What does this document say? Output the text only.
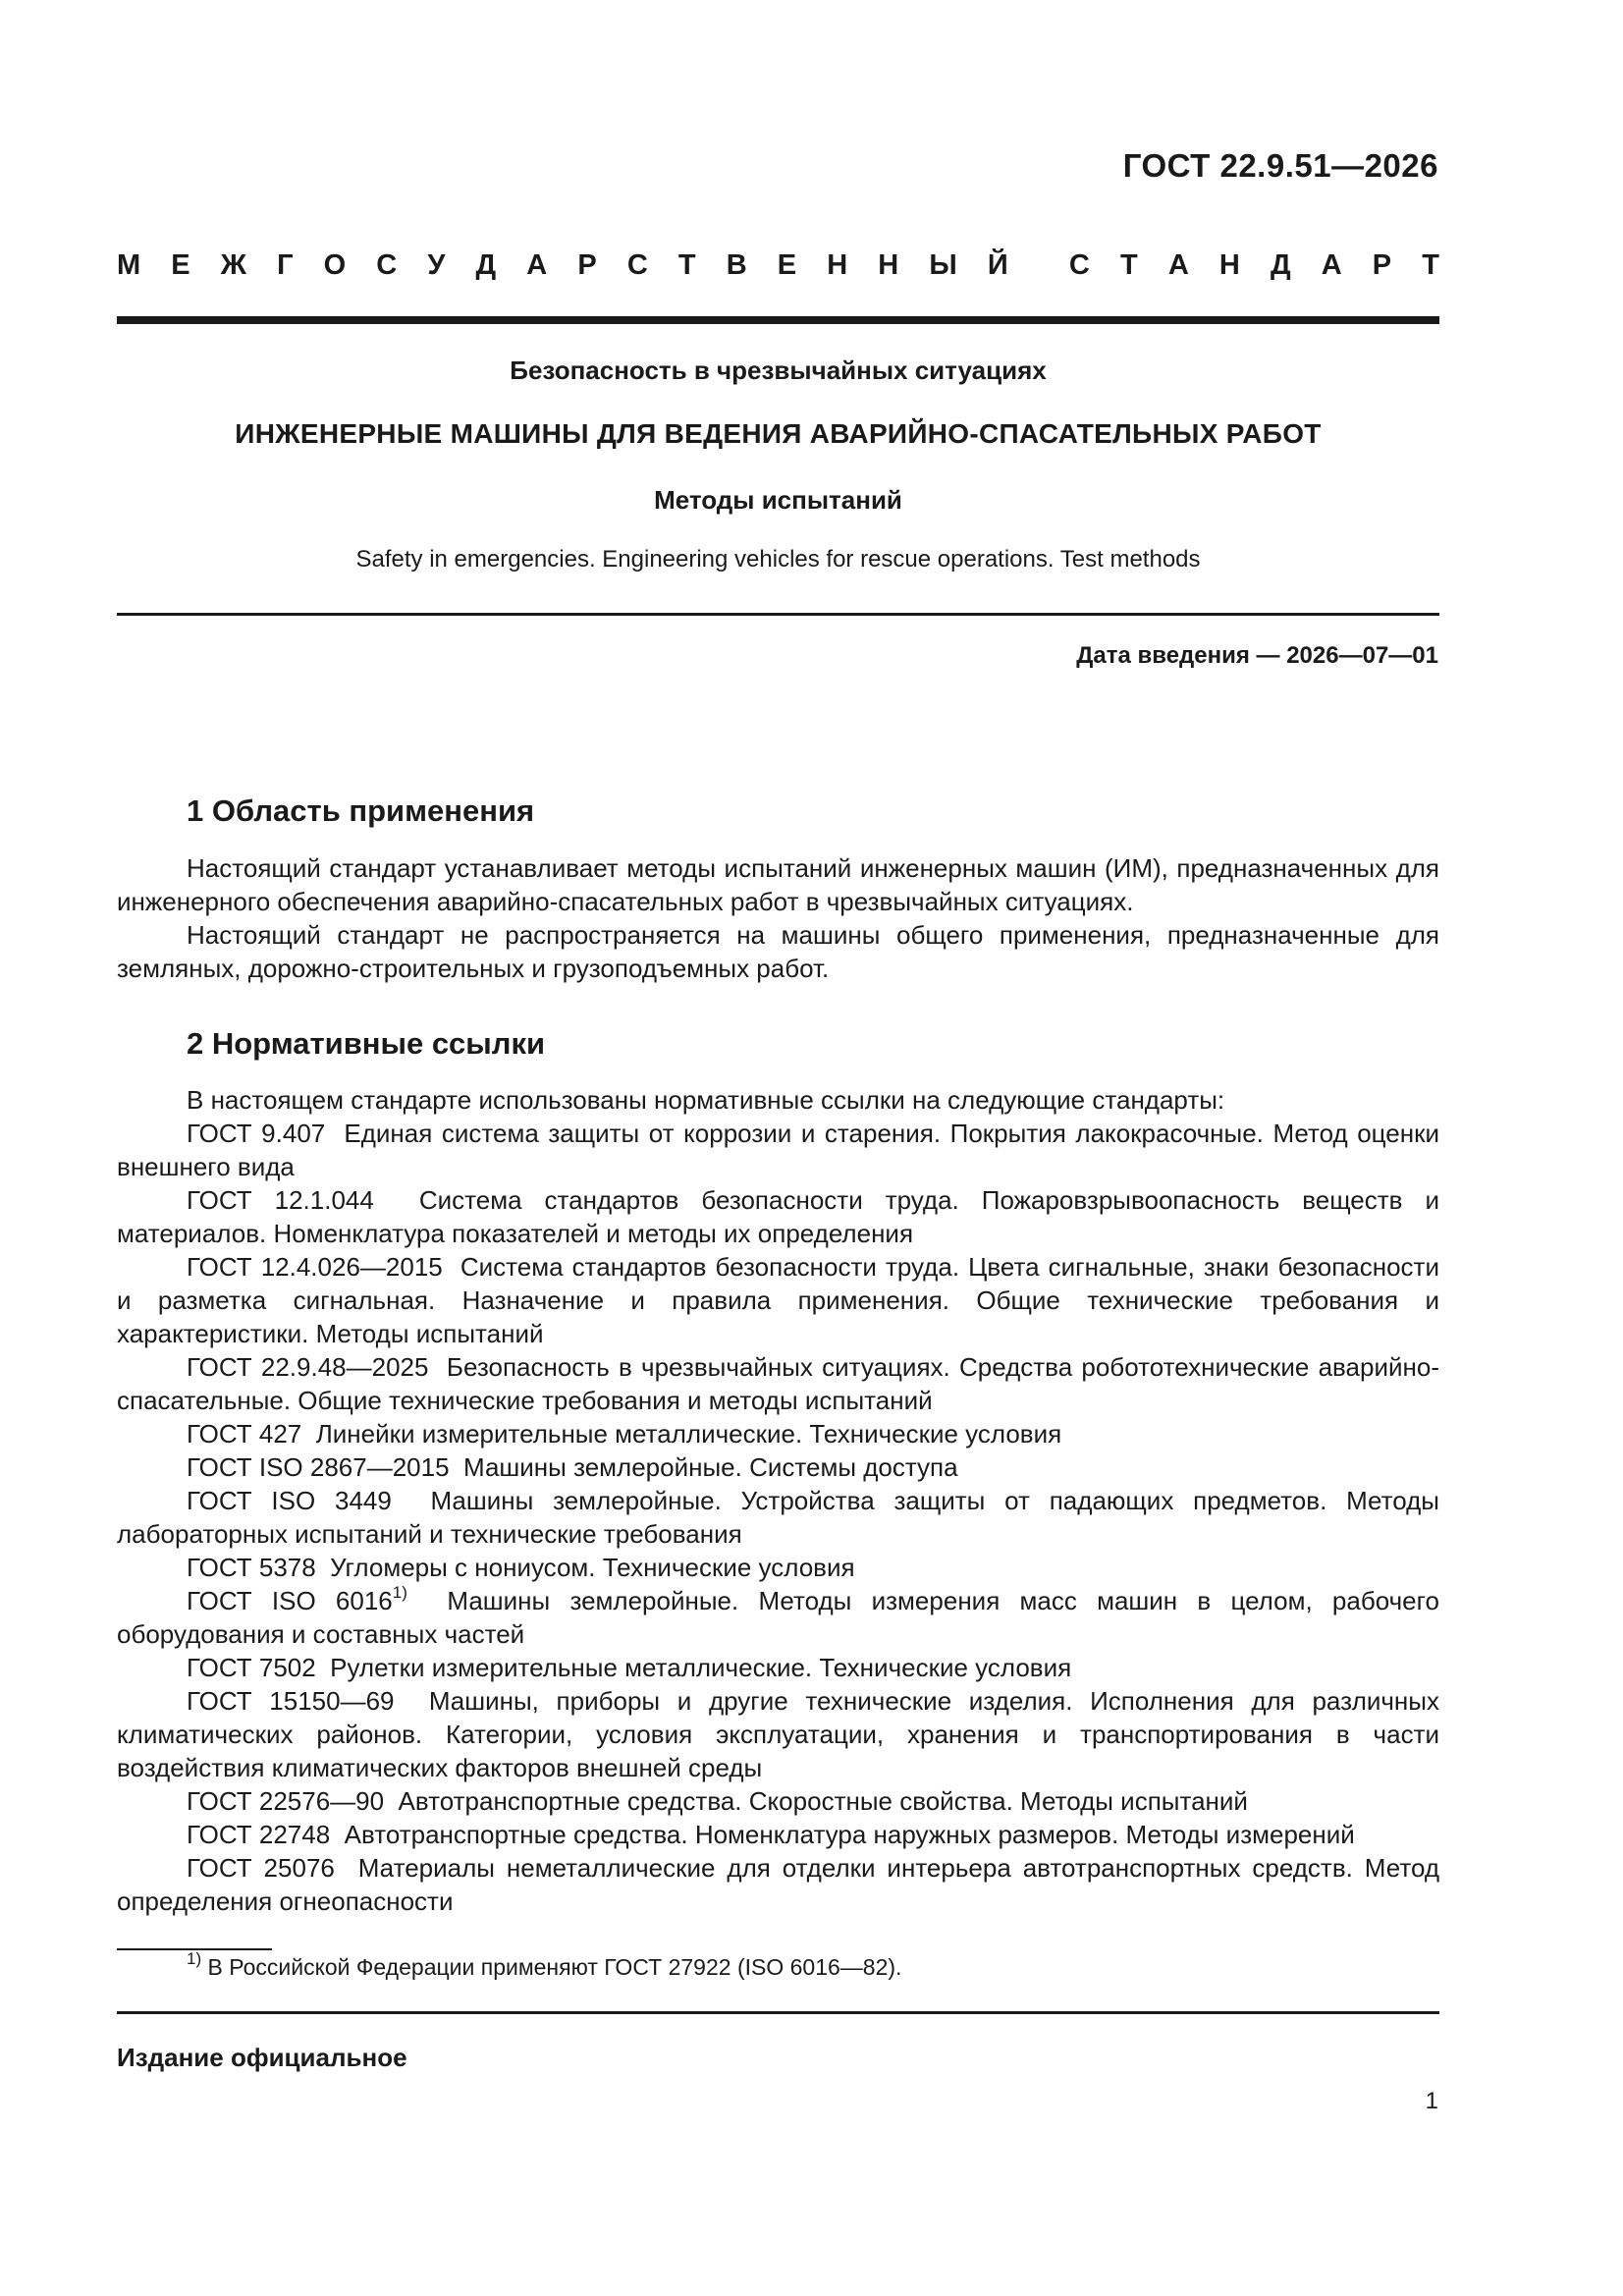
ГОСТ 22.9.51—2026
М Е Ж Г О С У Д А Р С Т В Е Н Н Ы Й С Т А Н Д А Р Т
Безопасность в чрезвычайных ситуациях
ИНЖЕНЕРНЫЕ МАШИНЫ ДЛЯ ВЕДЕНИЯ АВАРИЙНО-СПАСАТЕЛЬНЫХ РАБОТ
Методы испытаний
Safety in emergencies. Engineering vehicles for rescue operations. Test methods
Дата введения — 2026—07—01
1 Область применения

Настоящий стандарт устанавливает методы испытаний инженерных машин (ИМ), предназначенных для инженерного обеспечения аварийно-спасательных работ в чрезвычайных ситуациях.

Настоящий стандарт не распространяется на машины общего применения, предназначенные для земляных, дорожно-строительных и грузоподъемных работ.

2 Нормативные ссылки

В настоящем стандарте использованы нормативные ссылки на следующие стандарты:

ГОСТ 9.407 Единая система защиты от коррозии и старения. Покрытия лакокрасочные. Метод оценки внешнего вида

ГОСТ 12.1.044 Система стандартов безопасности труда. Пожаровзрывоопасность веществ и материалов. Номенклатура показателей и методы их определения

ГОСТ 12.4.026—2015 Система стандартов безопасности труда. Цвета сигнальные, знаки безопасности и разметка сигнальная. Назначение и правила применения. Общие технические требования и характеристики. Методы испытаний

ГОСТ 22.9.48—2025 Безопасность в чрезвычайных ситуациях. Средства робототехнические аварийно-спасательные. Общие технические требования и методы испытаний

ГОСТ 427 Линейки измерительные металлические. Технические условия

ГОСТ ISO 2867—2015 Машины землеройные. Системы доступа

ГОСТ ISO 3449 Машины землеройные. Устройства защиты от падающих предметов. Методы лабораторных испытаний и технические требования

ГОСТ 5378 Угломеры с нониусом. Технические условия

ГОСТ ISO 6016$^{1)}$ Машины землеройные. Методы измерения масс машин в целом, рабочего оборудования и составных частей

ГОСТ 7502 Рулетки измерительные металлические. Технические условия

ГОСТ 15150—69 Машины, приборы и другие технические изделия. Исполнения для различных климатических районов. Категории, условия эксплуатации, хранения и транспортирования в части воздействия климатических факторов внешней среды

ГОСТ 22576—90 Автотранспортные средства. Скоростные свойства. Методы испытаний

ГОСТ 22748 Автотранспортные средства. Номенклатура наружных размеров. Методы измерений

ГОСТ 25076 Материалы неметаллические для отделки интерьера автотранспортных средств. Метод определения огнеопасности

$^{1)}$ В Российской Федерации применяют ГОСТ 27922 (ISO 6016—82).
Издание официальное
1
